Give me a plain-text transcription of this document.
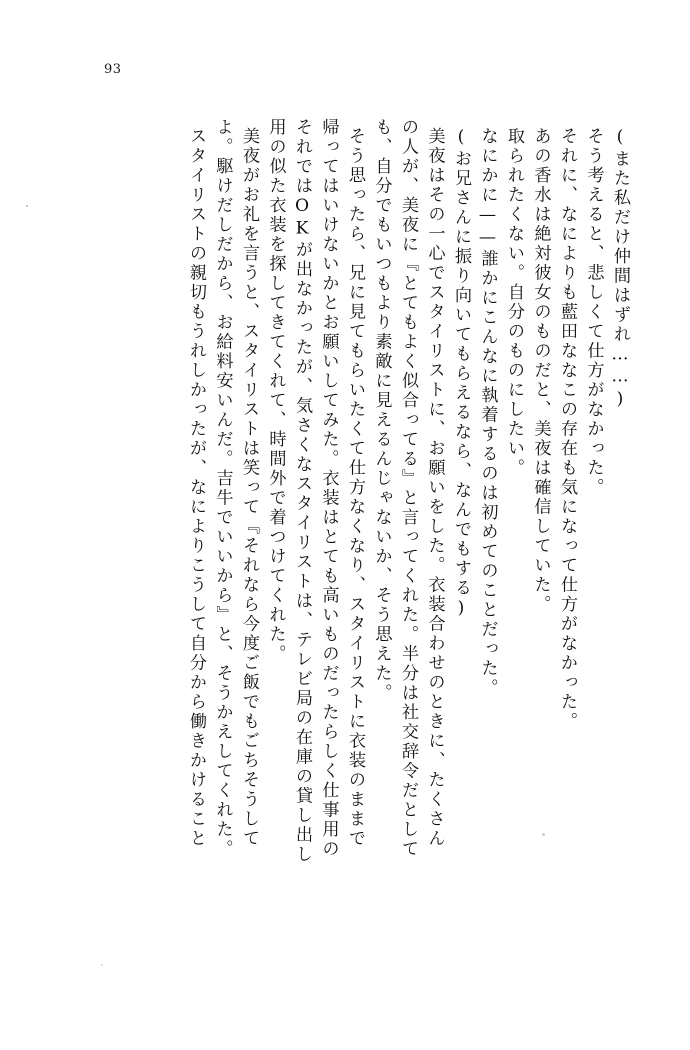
93
(また私だけ仲間はずれ……)
そう考えると、悲しくて仕方がなかった。
それに、なによりも藍田ななこの存在も気になって仕方がなかった。
あの香水は絶対彼女のものだと、美夜は確信していた。
取られたくない。自分のものにしたい。
なにかに——誰かにこんなに執着するのは初めてのことだった。
(お兄さんに振り向いてもらえるなら、なんでもする)
美夜はその一心でスタイリストに、お願いをした。衣装合わせのときに、たくさん
の人が、美夜に『とてもよく似合ってる』と言ってくれた。半分は社交辞令だとして
も、自分でもいつもより素敵に見えるんじゃないか、そう思えた。
そう思ったら、兄に見てもらいたくて仕方なくなり、スタイリストに衣装のままで
帰ってはいけないかとお願いしてみた。衣装はとても高いものだったらしく仕事用の
それではOKが出なかったが、気さくなスタイリストは、テレビ局の在庫の貸し出し
用の似た衣装を探してきてくれて、時間外で着つけてくれた。
美夜がお礼を言うと、スタイリストは笑って『それなら今度ご飯でもごちそうして
よ。駆けだしだから、お給料安いんだ。吉牛でいいから』と、そうかえしてくれた。
スタイリストの親切もうれしかったが、なによりこうして自分から働きかけること
